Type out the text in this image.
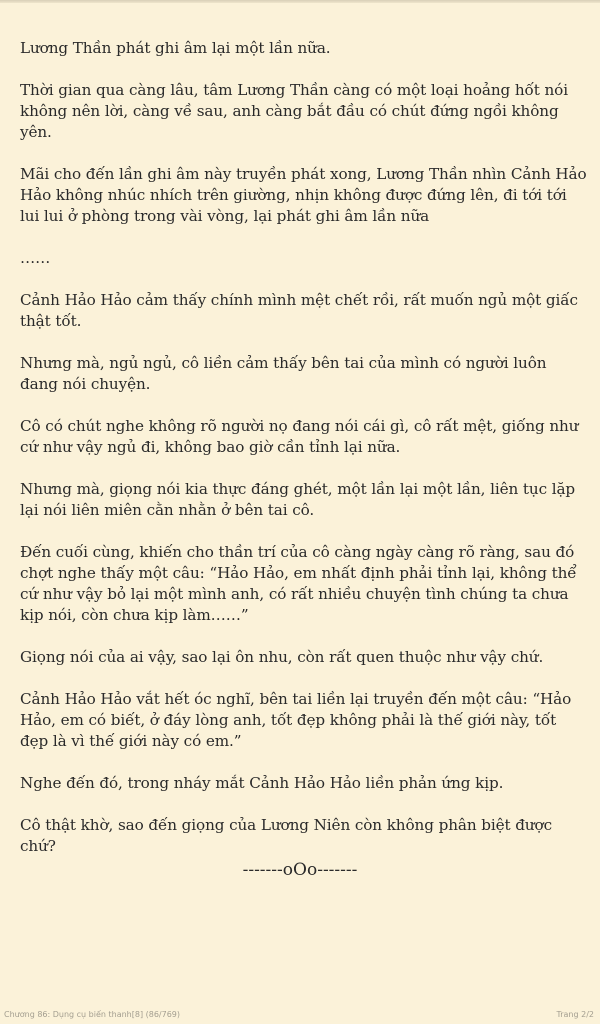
Lương Thần phát ghi âm lại một lần nữa.

Thời gian qua càng lâu, tâm Lương Thần càng có một loại hoảng hốt nói không nên lời, càng về sau, anh càng bắt đầu có chút đứng ngồi không yên.

Mãi cho đến lần ghi âm này truyền phát xong, Lương Thần nhìn Cảnh Hảo Hảo không nhúc nhích trên giường, nhịn không được đứng lên, đi tới tới lui lui ở phòng trong vài vòng, lại phát ghi âm lần nữa

……

Cảnh Hảo Hảo cảm thấy chính mình mệt chết rồi, rất muốn ngủ một giấc thật tốt.

Nhưng mà, ngủ ngủ, cô liền cảm thấy bên tai của mình có người luôn đang nói chuyện.

Cô có chút nghe không rõ người nọ đang nói cái gì, cô rất mệt, giống như cứ như vậy ngủ đi, không bao giờ cần tỉnh lại nữa.

Nhưng mà, giọng nói kia thực đáng ghét, một lần lại một lần, liên tục lặp lại nói liên miên cằn nhằn ở bên tai cô.

Đến cuối cùng, khiến cho thần trí của cô càng ngày càng rõ ràng, sau đó chợt nghe thấy một câu: “Hảo Hảo, em nhất định phải tỉnh lại, không thể cứ như vậy bỏ lại một mình anh, có rất nhiều chuyện tình chúng ta chưa kịp nói, còn chưa kịp làm……”

Giọng nói của ai vậy, sao lại ôn nhu, còn rất quen thuộc như vậy chứ.

Cảnh Hảo Hảo vắt hết óc nghĩ, bên tai liền lại truyền đến một câu: “Hảo Hảo, em có biết, ở đáy lòng anh, tốt đẹp không phải là thế giới này, tốt đẹp là vì thế giới này có em.”

Nghe đến đó, trong nháy mắt Cảnh Hảo Hảo liền phản ứng kịp.

Cô thật khờ, sao đến giọng của Lương Niên còn không phân biệt được chứ?

-------oOo-------
Chương 86: Dụng cụ biến thanh[8] (86/769)	Trang 2/2
